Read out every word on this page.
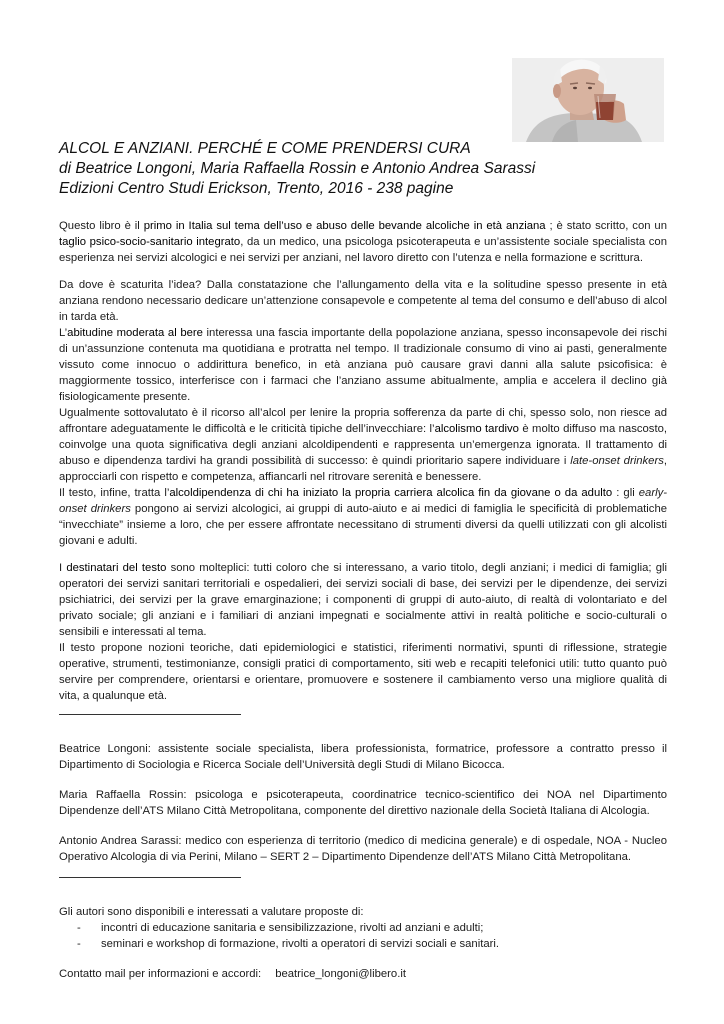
ALCOL E ANZIANI. PERCHÉ E COME PRENDERSI CURA
di Beatrice Longoni, Maria Raffaella Rossin e Antonio Andrea Sarassi
Edizioni Centro Studi Erickson, Trento, 2016 - 238 pagine

Questo libro è il primo in Italia sul tema dell’uso e abuso delle bevande alcoliche in età anziana ; è stato scritto, con un taglio psico-socio-sanitario integrato, da un medico, una psicologa psicoterapeuta e un’assistente sociale specialista con esperienza nei servizi alcologici e nei servizi per anziani, nel lavoro diretto con l’utenza e nella formazione e scrittura.

Da dove è scaturita l’idea? Dalla constatazione che l’allungamento della vita e la solitudine spesso presente in età anziana rendono necessario dedicare un’attenzione consapevole e competente al tema del consumo e dell’abuso di alcol in tarda età.

L’abitudine moderata al bere interessa una fascia importante della popolazione anziana, spesso inconsapevole dei rischi di un’assunzione contenuta ma quotidiana e protratta nel tempo. Il tradizionale consumo di vino ai pasti, generalmente vissuto come innocuo o addirittura benefico, in età anziana può causare gravi danni alla salute psicofisica: è maggiormente tossico, interferisce con i farmaci che l’anziano assume abitualmente, amplia e accelera il declino già fisiologicamente presente.

Ugualmente sottovalutato è il ricorso all’alcol per lenire la propria sofferenza da parte di chi, spesso solo, non riesce ad affrontare adeguatamente le difficoltà e le criticità tipiche dell’invecchiare: l’alcolismo tardivo è molto diffuso ma nascosto, coinvolge una quota significativa degli anziani alcoldipendenti e rappresenta un’emergenza ignorata. Il trattamento di abuso e dipendenza tardivi ha grandi possibilità di successo: è quindi prioritario sapere individuare i late-onset drinkers, approcciarli con rispetto e competenza, affiancarli nel ritrovare serenità e benessere.

Il testo, infine, tratta l’alcoldipendenza di chi ha iniziato la propria carriera alcolica fin da giovane o da adulto : gli early-onset drinkers pongono ai servizi alcologici, ai gruppi di auto-aiuto e ai medici di famiglia le specificità di problematiche “invecchiate” insieme a loro, che per essere affrontate necessitano di strumenti diversi da quelli utilizzati con gli alcolisti giovani e adulti.

I destinatari del testo sono molteplici: tutti coloro che si interessano, a vario titolo, degli anziani; i medici di famiglia; gli operatori dei servizi sanitari territoriali e ospedalieri, dei servizi sociali di base, dei servizi per le dipendenze, dei servizi psichiatrici, dei servizi per la grave emarginazione; i componenti di gruppi di auto-aiuto, di realtà di volontariato e del privato sociale; gli anziani e i familiari di anziani impegnati e socialmente attivi in realtà politiche e socio-culturali o sensibili e interessati al tema.

Il testo propone nozioni teoriche, dati epidemiologici e statistici, riferimenti normativi, spunti di riflessione, strategie operative, strumenti, testimonianze, consigli pratici di comportamento, siti web e recapiti telefonici utili: tutto quanto può servire per comprendere, orientarsi e orientare, promuovere e sostenere il cambiamento verso una migliore qualità di vita, a qualunque età.

Beatrice Longoni: assistente sociale specialista, libera professionista, formatrice, professore a contratto presso il Dipartimento di Sociologia e Ricerca Sociale dell’Università degli Studi di Milano Bicocca.

Maria Raffaella Rossin: psicologa e psicoterapeuta, coordinatrice tecnico-scientifico dei NOA nel Dipartimento Dipendenze dell’ATS Milano Città Metropolitana, componente del direttivo nazionale della Società Italiana di Alcologia.

Antonio Andrea Sarassi: medico con esperienza di territorio (medico di medicina generale) e di ospedale, NOA - Nucleo Operativo Alcologia di via Perini, Milano – SERT 2 – Dipartimento Dipendenze dell’ATS Milano Città Metropolitana.

Gli autori sono disponibili e interessati a valutare proposte di:

- incontri di educazione sanitaria e sensibilizzazione, rivolti ad anziani e adulti;
- seminari e workshop di formazione, rivolti a operatori di servizi sociali e sanitari.

Contatto mail per informazioni e accordi: beatrice_longoni@libero.it
